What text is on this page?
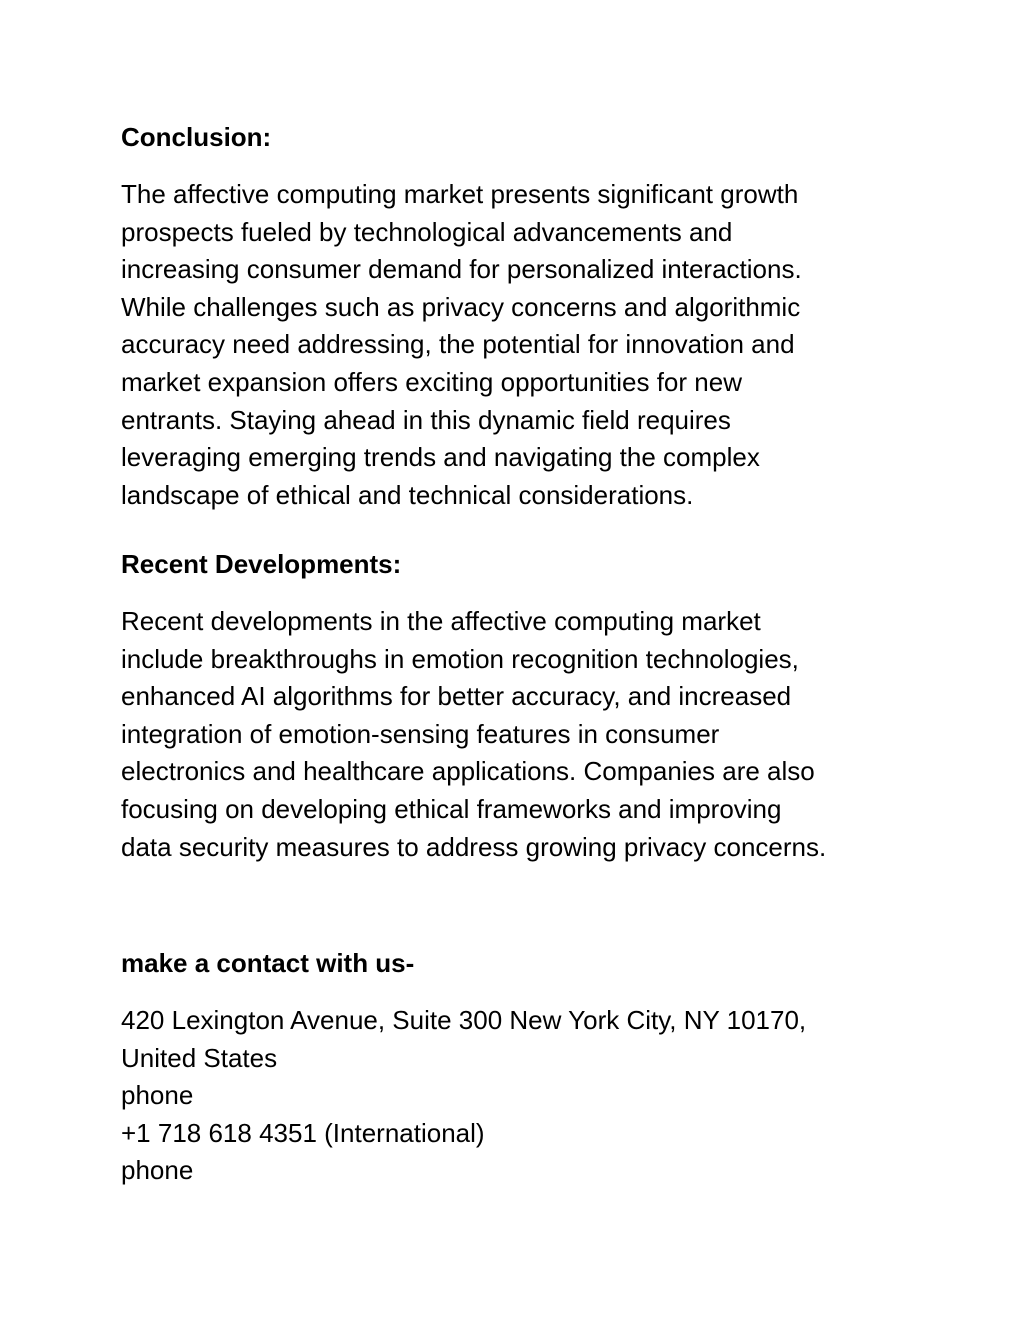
Conclusion:

The affective computing market presents significant growth
prospects fueled by technological advancements and
increasing consumer demand for personalized interactions.
While challenges such as privacy concerns and algorithmic
accuracy need addressing, the potential for innovation and
market expansion offers exciting opportunities for new
entrants. Staying ahead in this dynamic field requires
leveraging emerging trends and navigating the complex
landscape of ethical and technical considerations.

Recent Developments:

Recent developments in the affective computing market
include breakthroughs in emotion recognition technologies,
enhanced AI algorithms for better accuracy, and increased
integration of emotion-sensing features in consumer
electronics and healthcare applications. Companies are also
focusing on developing ethical frameworks and improving
data security measures to address growing privacy concerns.

make a contact with us-

420 Lexington Avenue, Suite 300 New York City, NY 10170,
United States
phone
+1 718 618 4351 (International)
phone
